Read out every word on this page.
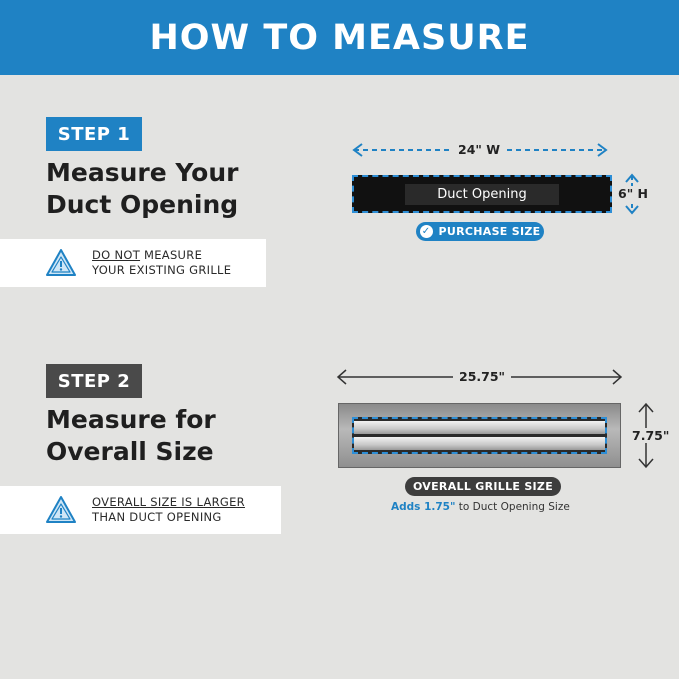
HOW TO MEASURE
STEP 1
Measure Your
Duct Opening
DO NOT MEASURE
YOUR EXISTING GRILLE
STEP 2
Measure for
Overall Size
OVERALL SIZE IS LARGER
THAN DUCT OPENING
24" W
6" H
Duct Opening
✓ PURCHASE SIZE
25.75"
7.75"
OVERALL GRILLE SIZE
Adds 1.75" to Duct Opening Size
